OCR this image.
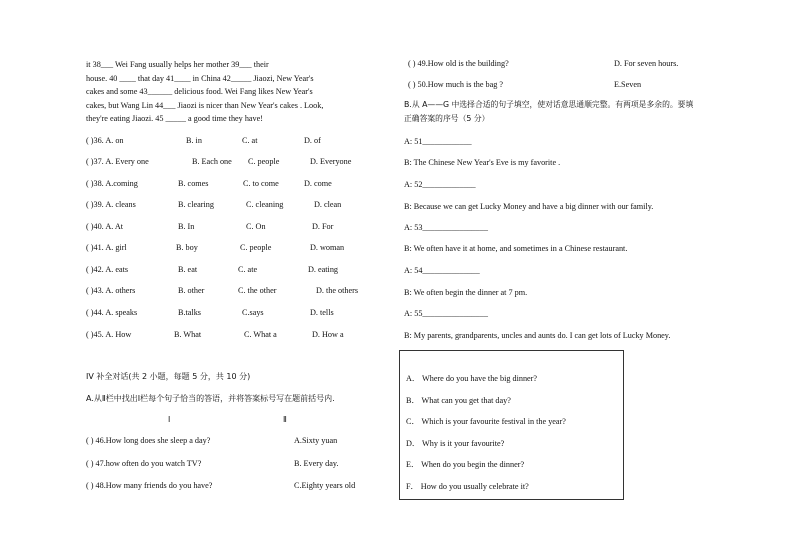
it 38___ Wei Fang usually helps her mother 39___ their
house. 40 ____ that day 41____ in China 42_____ Jiaozi, New Year's
cakes and some 43______ delicious food. Wei Fang likes New Year's
cakes, but Wang Lin 44___ Jiaozi is nicer than New Year's cakes . Look,
they're eating Jiaozi. 45 _____ a good time they have!
( )36. A. on	B. in	C. at	D. of
( )37. A. Every one	B. Each one C. people	D. Everyone
( )38. A.coming	B. comes	C. to come	D. come
( )39. A. cleans	B. clearing	C. cleaning	D. clean
( )40. A. At	B. In	C. On	D. For
( )41. A. girl	B. boy	C. people	D. woman
( )42. A. eats	B. eat	C. ate	D. eating
( )43. A. others	B. other	C. the other	D. the others
( )44. A. speaks	B.talks	C.says	D. tells
( )45. A. How	B. What	C. What a	D. How a
IV 补全对话(共 2 小题，每题 5 分，共 10 分)
A.从Ⅱ栏中找出Ⅰ栏每个句子恰当的答语，并将答案标号写在题前括号内.
Ⅰ	Ⅱ
( ) 46.How long does she sleep a day?	A.Sixty yuan
( ) 47.how often do you watch TV?	B. Every day.
( ) 48.How many friends do you have?	C.Eighty years old
( ) 49.How old is the building?	D. For seven hours.
( ) 50.How much is the bag ?	E.Seven
B.从 A——G 中选择合适的句子填空，使对话意思通顺完整。有两项是多余的。要填
正确答案的序号（5 分）
A: 51____________
B: The Chinese New Year's Eve is my favorite .
A: 52_____________
B: Because we can get Lucky Money and have a big dinner with our family.
A: 53________________
B: We often have it at home, and sometimes in a Chinese restaurant.
A: 54______________
B: We often begin the dinner at 7 pm.
A: 55________________
B: My parents, grandparents, uncles and aunts do. I can get lots of Lucky Money.
A． Where do you have the big dinner?
B． What can you get that day?
C． Which is your favourite festival in the year?
D． Why is it your favourite?
E． When do you begin the dinner?
F． How do you usually celebrate it?
